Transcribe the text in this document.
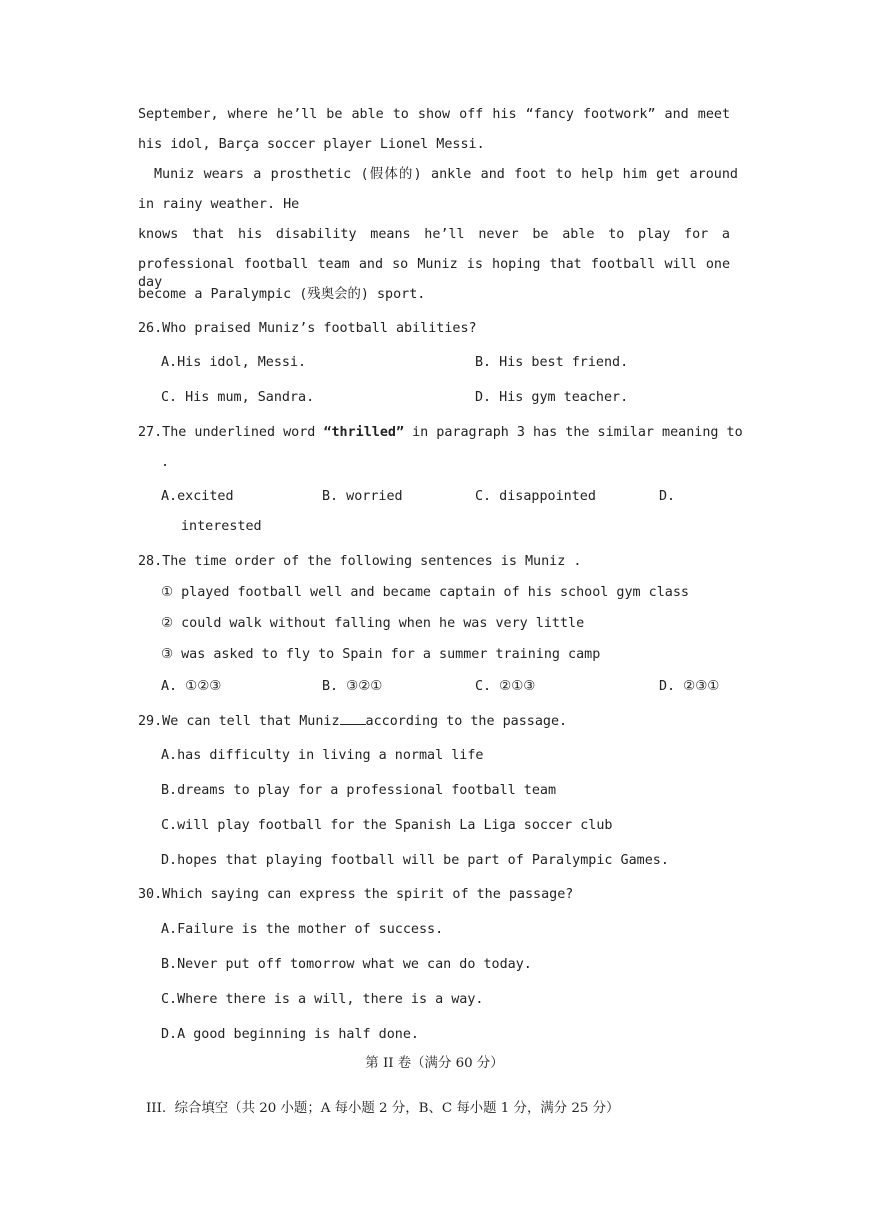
September, where he’ll be able to show off his “fancy footwork” and meet
his idol, Barça soccer player Lionel Messi.
Muniz wears a prosthetic (假体的) ankle and foot to help him get around
in rainy weather. He
knows that his disability means he’ll never be able to play for a
professional football team and so Muniz is hoping that football will one day
become a Paralympic (残奥会的) sport.
26.Who praised Muniz’s football abilities?
A.His idol, Messi.	B. His best friend.
C. His mum, Sandra.	D. His gym teacher.
27.The underlined word “thrilled” in paragraph 3 has the similar meaning to
.
A.excited	B. worried	C. disappointed	D.
interested
28.The time order of the following sentences is Muniz .
① played football well and became captain of his school gym class
② could walk without falling when he was very little
③ was asked to fly to Spain for a summer training camp
A. ①②③	B. ③②①	C. ②①③	D. ②③①
29.We can tell that Muniz according to the passage.
A.has difficulty in living a normal life
B.dreams to play for a professional football team
C.will play football for the Spanish La Liga soccer club
D.hopes that playing football will be part of Paralympic Games.
30.Which saying can express the spirit of the passage?
A.Failure is the mother of success.
B.Never put off tomorrow what we can do today.
C.Where there is a will, there is a way.
D.A good beginning is half done.
第 II 卷（满分 60 分）
III.  综合填空（共 20 小题；A 每小题 2 分，B、C 每小题 1 分，满分 25 分）
